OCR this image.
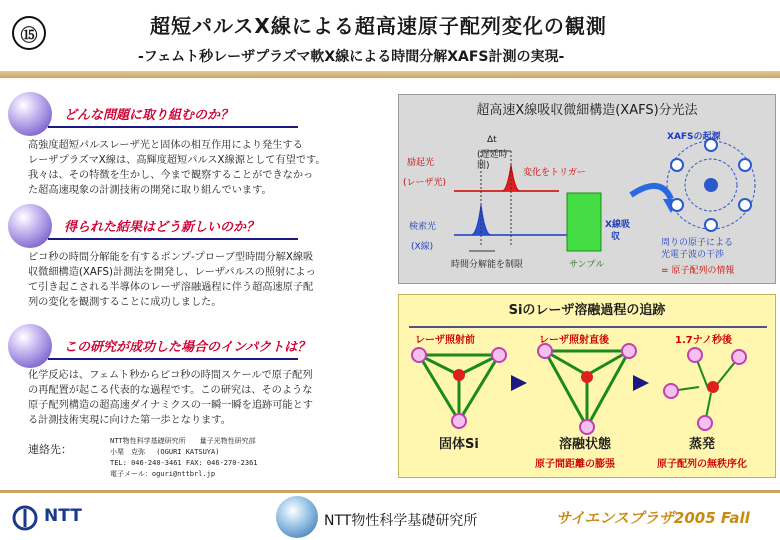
⑮	超短パルスX線による超高速原子配列変化の観測
-フェムト秒レーザプラズマ軟X線による時間分解XAFS計測の実現-
どんな問題に取り組むのか？
高強度超短パルスレーザ光と固体の相互作用により発生する
レーザプラズマX線は、高輝度超短パルスX線源として有望です。
我々は、その特徴を生かし、今まで観察することができなかっ
た超高速現象の計測技術の開発に取り組んでいます。
得られた結果はどう新しいのか？
ピコ秒の時間分解能を有するポンプ-プローブ型時間分解X線吸
収微細構造(XAFS)計測法を開発し、レーザパルスの照射によっ
て引き起こされる半導体のレーザ溶融過程に伴う超高速原子配
列の変化を観測することに成功しました。
この研究が成功した場合のインパクトは？
化学反応は、フェムト秒からピコ秒の時間スケールで原子配列
の再配置が起こる代表的な過程です。この研究は、そのような
原子配列構造の超高速ダイナミクスの一瞬一瞬を追跡可能とす
る計測技術実現に向けた第一歩となります。
連絡先：
NTT物性科学基礎研究所　　量子光物性研究部
小栗　克弥　 (OGURI KATSUYA)
TEL: 046-240-3461 FAX: 046-270-2361
電子メール：oguri@nttbrl.jp
超高速X線吸収微細構造(XAFS)分光法
Δt
(遅延時
間)
励起光
(レーザ光)
変化をトリガー
検索光
(X線)
時間分解能を制限	サンプル
X線吸
収
XAFSの起源
周りの原子による
光電子波の干渉
= 原子配列の情報
Siのレーザ溶融過程の追跡
レーザ照射前	レーザ照射直後	1.7ナノ秒後
固体Si	溶融状態	蒸発
原子間距離の膨張	原子配列の無秩序化
NTT	NTT物性科学基礎研究所	サイエンスプラザ2005 Fall
